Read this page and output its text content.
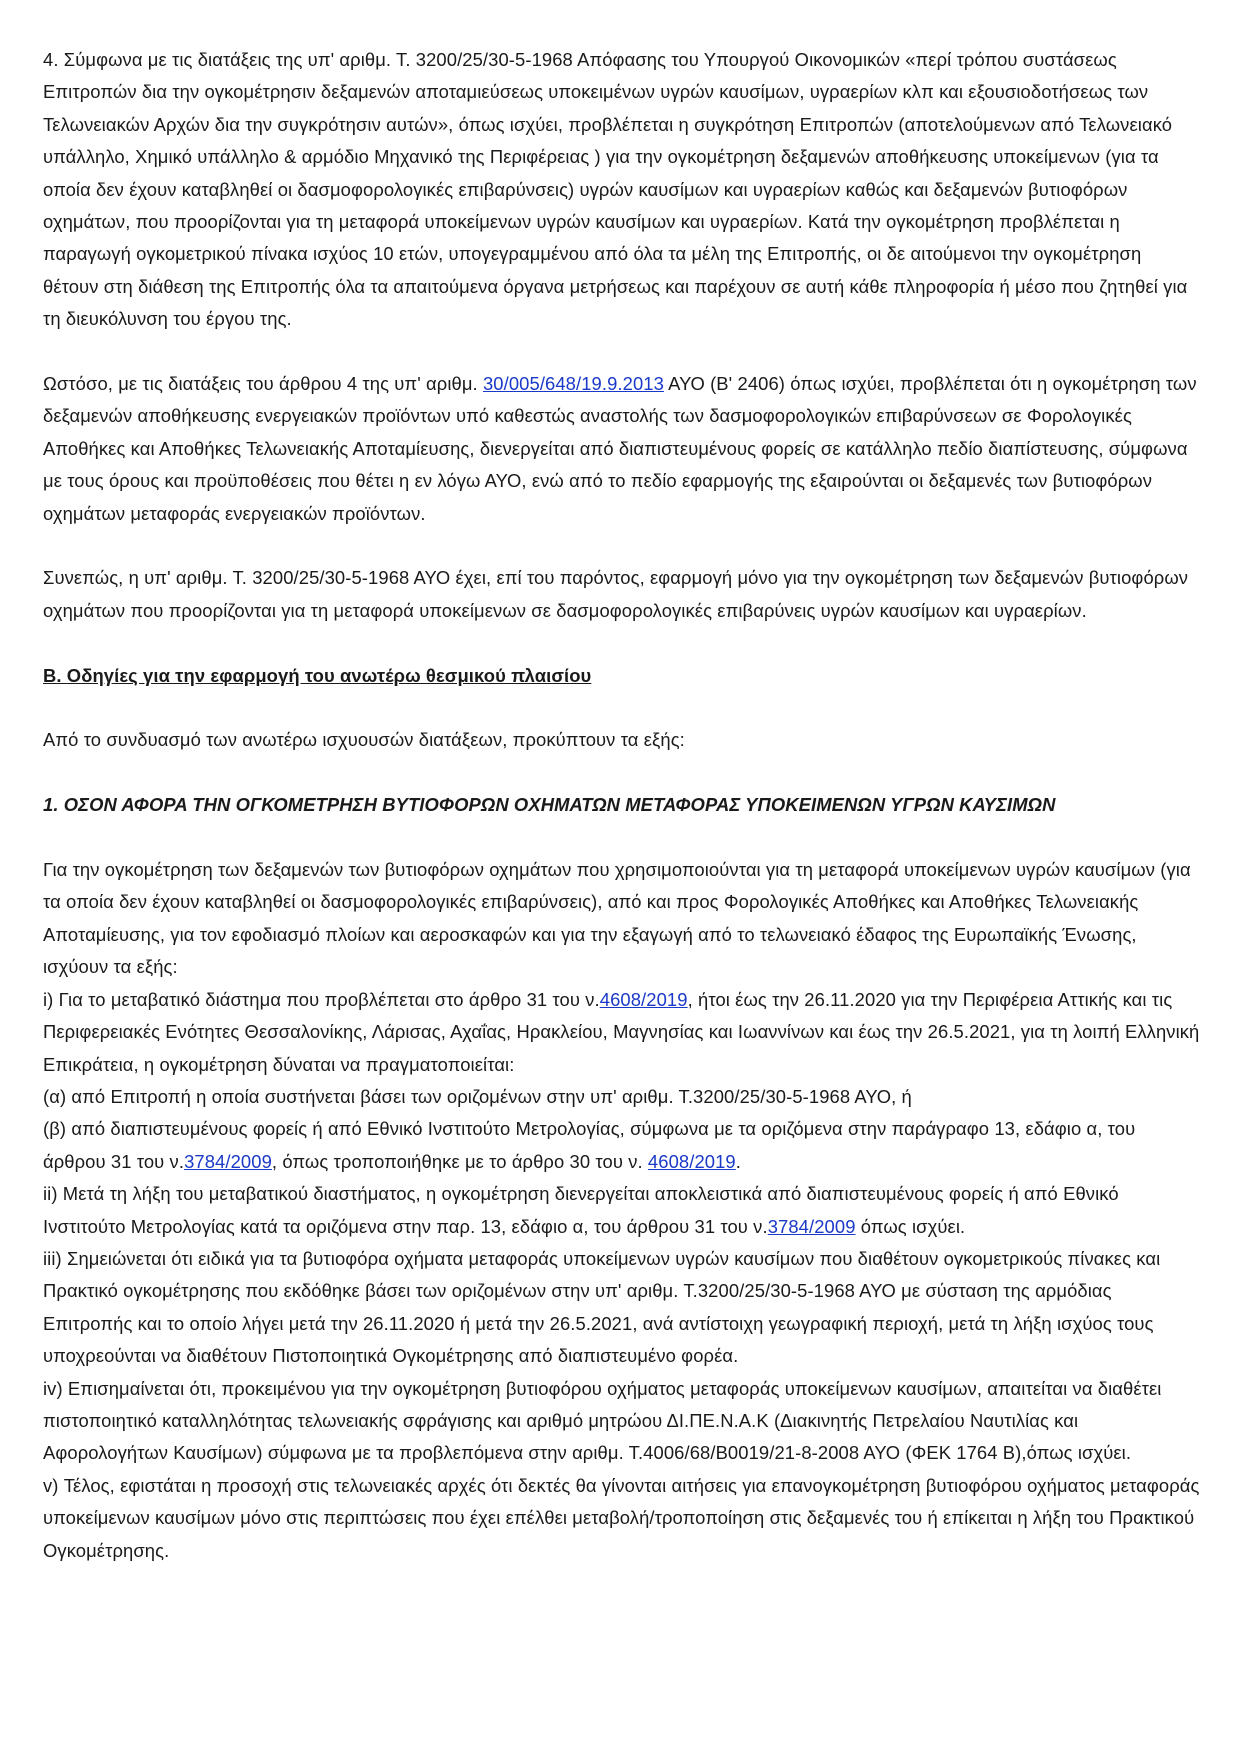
4. Σύμφωνα με τις διατάξεις της υπ' αριθμ. Τ. 3200/25/30-5-1968 Απόφασης του Υπουργού Οικονομικών «περί τρόπου συστάσεως Επιτροπών δια την ογκομέτρησιν δεξαμενών αποταμιεύσεως υποκειμένων υγρών καυσίμων, υγραερίων κλπ και εξουσιοδοτήσεως των Τελωνειακών Αρχών δια την συγκρότησιν αυτών», όπως ισχύει, προβλέπεται η συγκρότηση Επιτροπών (αποτελούμενων από Τελωνειακό υπάλληλο, Χημικό υπάλληλο & αρμόδιο Μηχανικό της Περιφέρειας ) για την ογκομέτρηση δεξαμενών αποθήκευσης υποκείμενων (για τα οποία δεν έχουν καταβληθεί οι δασμοφορολογικές επιβαρύνσεις) υγρών καυσίμων και υγραερίων καθώς και δεξαμενών βυτιοφόρων οχημάτων, που προορίζονται για τη μεταφορά υποκείμενων υγρών καυσίμων και υγραερίων. Κατά την ογκομέτρηση προβλέπεται η παραγωγή ογκομετρικού πίνακα ισχύος 10 ετών, υπογεγραμμένου από όλα τα μέλη της Επιτροπής, οι δε αιτούμενοι την ογκομέτρηση θέτουν στη διάθεση της Επιτροπής όλα τα απαιτούμενα όργανα μετρήσεως και παρέχουν σε αυτή κάθε πληροφορία ή μέσο που ζητηθεί για τη διευκόλυνση του έργου της.

Ωστόσο, με τις διατάξεις του άρθρου 4 της υπ' αριθμ. 30/005/648/19.9.2013 ΑΥΟ (Β' 2406) όπως ισχύει, προβλέπεται ότι η ογκομέτρηση των δεξαμενών αποθήκευσης ενεργειακών προϊόντων υπό καθεστώς αναστολής των δασμοφορολογικών επιβαρύνσεων σε Φορολογικές Αποθήκες και Αποθήκες Τελωνειακής Αποταμίευσης, διενεργείται από διαπιστευμένους φορείς σε κατάλληλο πεδίο διαπίστευσης, σύμφωνα με τους όρους και προϋποθέσεις που θέτει η εν λόγω ΑΥΟ, ενώ από το πεδίο εφαρμογής της εξαιρούνται οι δεξαμενές των βυτιοφόρων οχημάτων μεταφοράς ενεργειακών προϊόντων.

Συνεπώς, η υπ' αριθμ. Τ. 3200/25/30-5-1968 ΑΥΟ έχει, επί του παρόντος, εφαρμογή μόνο για την ογκομέτρηση των δεξαμενών βυτιοφόρων οχημάτων που προορίζονται για τη μεταφορά υποκείμενων σε δασμοφορολογικές επιβαρύνεις υγρών καυσίμων και υγραερίων.

Β. Οδηγίες για την εφαρμογή του ανωτέρω θεσμικού πλαισίου

Από το συνδυασμό των ανωτέρω ισχυουσών διατάξεων, προκύπτουν τα εξής:

1. ΟΣΟΝ ΑΦΟΡΑ ΤΗΝ ΟΓΚΟΜΕΤΡΗΣΗ ΒΥΤΙΟΦΟΡΩΝ ΟΧΗΜΑΤΩΝ ΜΕΤΑΦΟΡΑΣ ΥΠΟΚΕΙΜΕΝΩΝ ΥΓΡΩΝ ΚΑΥΣΙΜΩΝ

Για την ογκομέτρηση των δεξαμενών των βυτιοφόρων οχημάτων που χρησιμοποιούνται για τη μεταφορά υποκείμενων υγρών καυσίμων (για τα οποία δεν έχουν καταβληθεί οι δασμοφορολογικές επιβαρύνσεις), από και προς Φορολογικές Αποθήκες και Αποθήκες Τελωνειακής Αποταμίευσης, για τον εφοδιασμό πλοίων και αεροσκαφών και για την εξαγωγή από το τελωνειακό έδαφος της Ευρωπαϊκής Ένωσης, ισχύουν τα εξής:

i) Για το μεταβατικό διάστημα που προβλέπεται στο άρθρο 31 του ν.4608/2019, ήτοι έως την 26.11.2020 για την Περιφέρεια Αττικής και τις Περιφερειακές Ενότητες Θεσσαλονίκης, Λάρισας, Αχαΐας, Ηρακλείου, Μαγνησίας και Ιωαννίνων και έως την 26.5.2021, για τη λοιπή Ελληνική Επικράτεια, η ογκομέτρηση δύναται να πραγματοποιείται:

(α) από Επιτροπή η οποία συστήνεται βάσει των οριζομένων στην υπ' αριθμ. Τ.3200/25/30-5-1968 ΑΥΟ, ή

(β) από διαπιστευμένους φορείς ή από Εθνικό Ινστιτούτο Μετρολογίας, σύμφωνα με τα οριζόμενα στην παράγραφο 13, εδάφιο α, του άρθρου 31 του ν.3784/2009, όπως τροποποιήθηκε με το άρθρο 30 του ν. 4608/2019.

ii) Μετά τη λήξη του μεταβατικού διαστήματος, η ογκομέτρηση διενεργείται αποκλειστικά από διαπιστευμένους φορείς ή από Εθνικό Ινστιτούτο Μετρολογίας κατά τα οριζόμενα στην παρ. 13, εδάφιο α, του άρθρου 31 του ν.3784/2009 όπως ισχύει.

iii) Σημειώνεται ότι ειδικά για τα βυτιοφόρα οχήματα μεταφοράς υποκείμενων υγρών καυσίμων που διαθέτουν ογκομετρικούς πίνακες και Πρακτικό ογκομέτρησης που εκδόθηκε βάσει των οριζομένων στην υπ' αριθμ. Τ.3200/25/30-5-1968 ΑΥΟ με σύσταση της αρμόδιας Επιτροπής και το οποίο λήγει μετά την 26.11.2020 ή μετά την 26.5.2021, ανά αντίστοιχη γεωγραφική περιοχή, μετά τη λήξη ισχύος τους υποχρεούνται να διαθέτουν Πιστοποιητικά Ογκομέτρησης από διαπιστευμένο φορέα.

iv) Επισημαίνεται ότι, προκειμένου για την ογκομέτρηση βυτιοφόρου οχήματος μεταφοράς υποκείμενων καυσίμων, απαιτείται να διαθέτει πιστοποιητικό καταλληλότητας τελωνειακής σφράγισης και αριθμό μητρώου ΔΙ.ΠΕ.Ν.Α.Κ (Διακινητής Πετρελαίου Ναυτιλίας και Αφορολογήτων Καυσίμων) σύμφωνα με τα προβλεπόμενα στην αριθμ. Τ.4006/68/Β0019/21-8-2008 ΑΥΟ (ΦΕΚ 1764 Β),όπως ισχύει.

v) Τέλος, εφιστάται η προσοχή στις τελωνειακές αρχές ότι δεκτές θα γίνονται αιτήσεις για επανογκομέτρηση βυτιοφόρου οχήματος μεταφοράς υποκείμενων καυσίμων μόνο στις περιπτώσεις που έχει επέλθει μεταβολή/τροποποίηση στις δεξαμενές του ή επίκειται η λήξη του Πρακτικού Ογκομέτρησης.
